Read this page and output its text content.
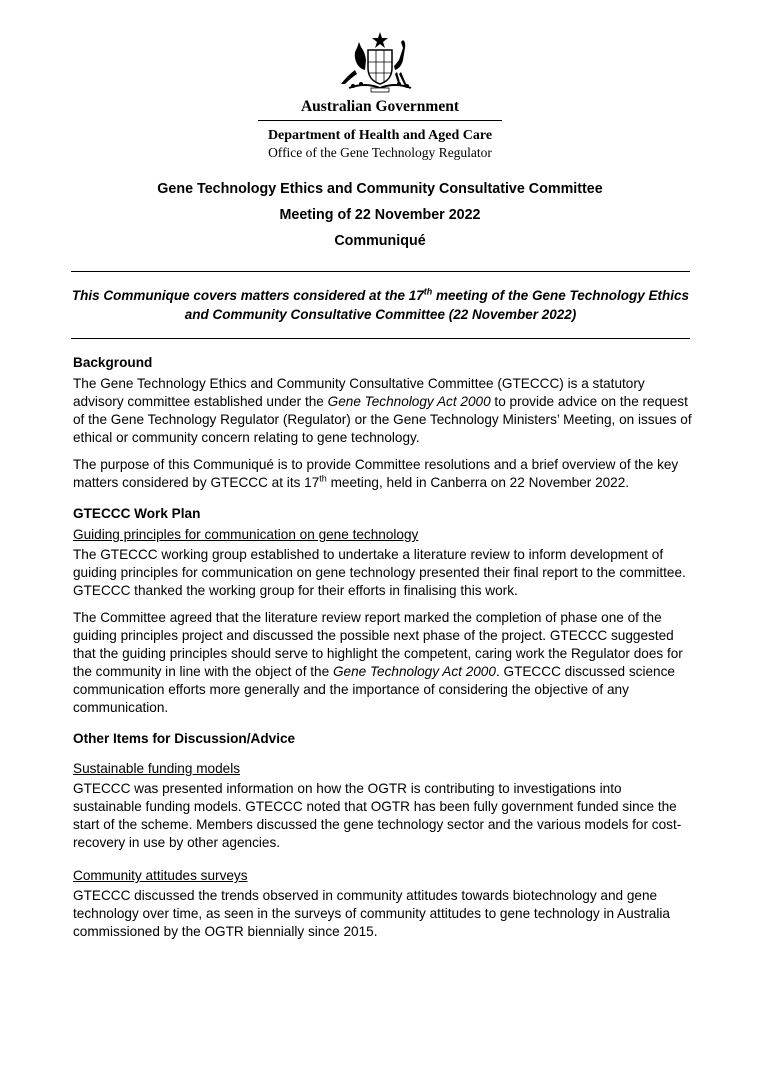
Australian Government
Department of Health and Aged Care
Office of the Gene Technology Regulator
Gene Technology Ethics and Community Consultative Committee
Meeting of 22 November 2022
Communiqué
This Communique covers matters considered at the 17th meeting of the Gene Technology Ethics and Community Consultative Committee (22 November 2022)
Background
The Gene Technology Ethics and Community Consultative Committee (GTECCC) is a statutory advisory committee established under the Gene Technology Act 2000 to provide advice on the request of the Gene Technology Regulator (Regulator) or the Gene Technology Ministers’ Meeting, on issues of ethical or community concern relating to gene technology.
The purpose of this Communiqué is to provide Committee resolutions and a brief overview of the key matters considered by GTECCC at its 17th meeting, held in Canberra on 22 November 2022.
GTECCC Work Plan
Guiding principles for communication on gene technology
The GTECCC working group established to undertake a literature review to inform development of guiding principles for communication on gene technology presented their final report to the committee. GTECCC thanked the working group for their efforts in finalising this work.
The Committee agreed that the literature review report marked the completion of phase one of the guiding principles project and discussed the possible next phase of the project. GTECCC suggested that the guiding principles should serve to highlight the competent, caring work the Regulator does for the community in line with the object of the Gene Technology Act 2000. GTECCC discussed science communication efforts more generally and the importance of considering the objective of any communication.
Other Items for Discussion/Advice
Sustainable funding models
GTECCC was presented information on how the OGTR is contributing to investigations into sustainable funding models. GTECCC noted that OGTR has been fully government funded since the start of the scheme. Members discussed the gene technology sector and the various models for cost-recovery in use by other agencies.
Community attitudes surveys
GTECCC discussed the trends observed in community attitudes towards biotechnology and gene technology over time, as seen in the surveys of community attitudes to gene technology in Australia commissioned by the OGTR biennially since 2015.
